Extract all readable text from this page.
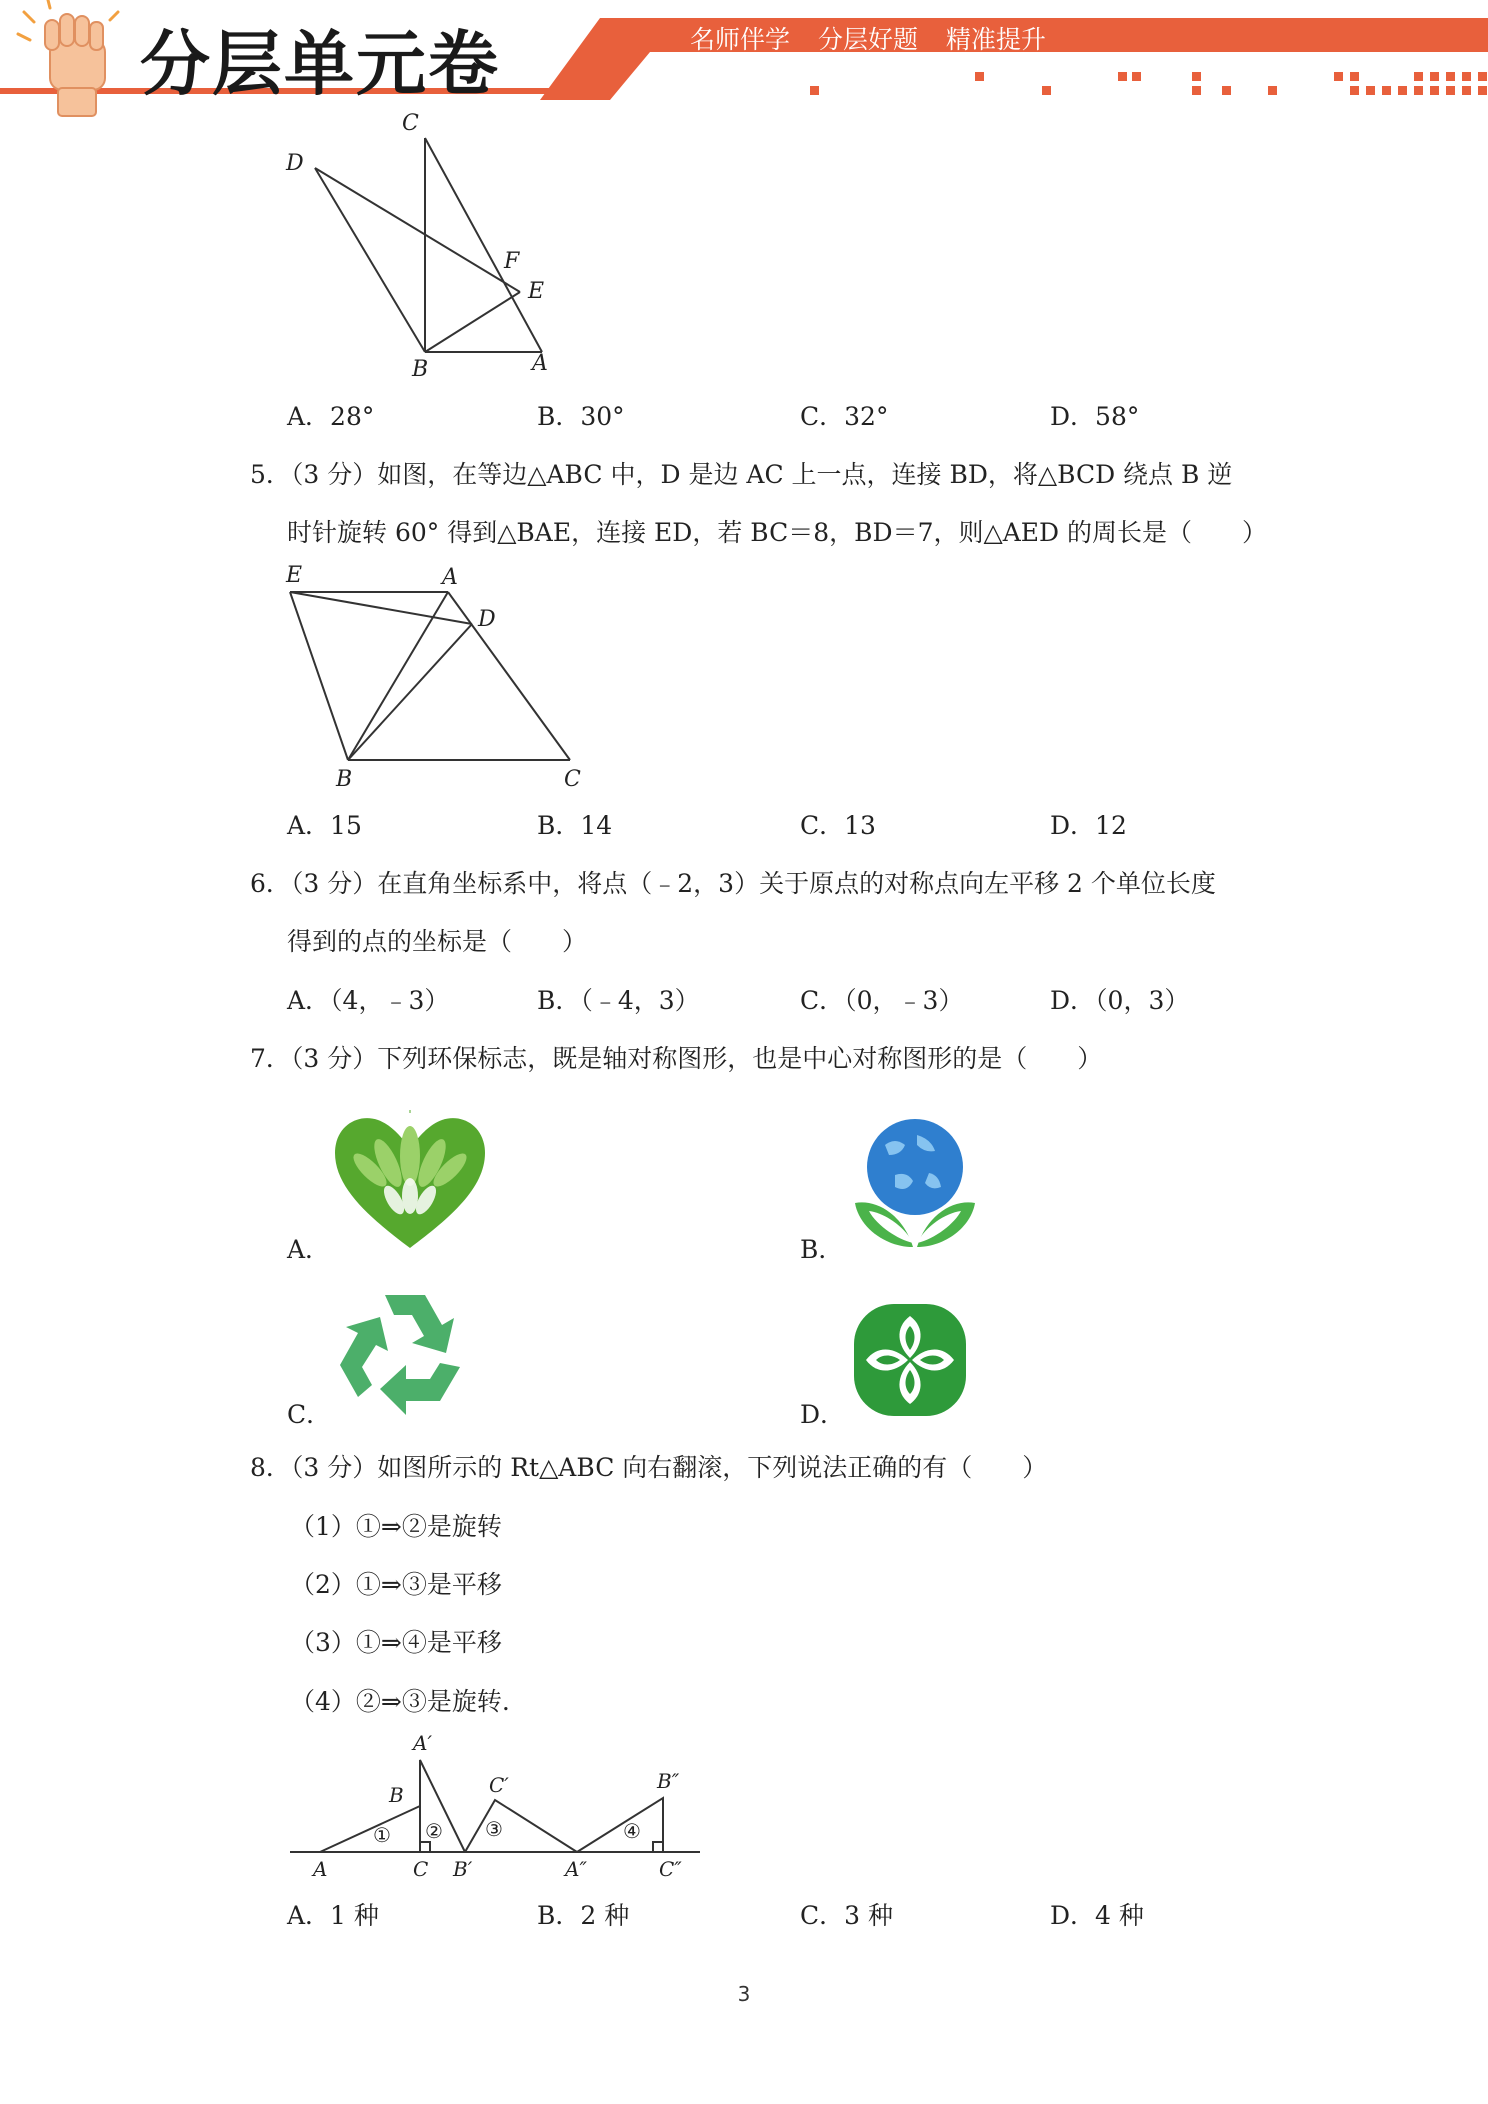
分层单元卷	名师伴学 分层好题 精准提升
C
D
F
E
B	A
A．28°	B．30°	C．32°	D．58°
5．（3 分）如图，在等边△ABC 中，D 是边 AC 上一点，连接 BD，将△BCD 绕点 B 逆
时针旋转 60° 得到△BAE，连接 ED，若 BC＝8，BD＝7，则△AED 的周长是（　　）
E	A
D
B	C
A．15	B．14	C．13	D．12
6．（3 分）在直角坐标系中，将点（﹣2，3）关于原点的对称点向左平移 2 个单位长度
得到的点的坐标是（　　）
A．（4，﹣3）	B．（﹣4，3）	C．（0，﹣3）	D．（0，3）
7．（3 分）下列环保标志，既是轴对称图形，也是中心对称图形的是（　　）
A．	B．
C．	D．
8．（3 分）如图所示的 Rt△ABC 向右翻滚，下列说法正确的有（　　）
（1）①⇒②是旋转
（2）①⇒③是平移
（3）①⇒④是平移
（4）②⇒③是旋转.
A′
B	C′	B″
① ② ③	④
A	C B′	A″	C″
A．1 种	B．2 种	C．3 种	D．4 种
3
